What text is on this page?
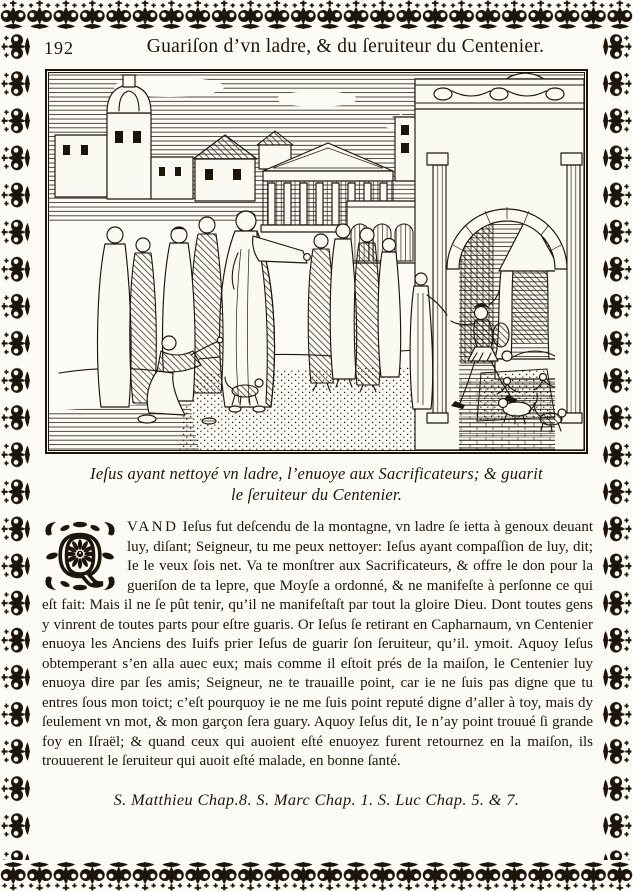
192	Guariſon d’vn ladre, & du ſeruiteur du Centenier.
Ieſus ayant nettoyé vn ladre, l’enuoye aux Sacrificateurs; & guarit
le ſeruiteur du Centenier.
Q VAND Ieſus fut deſcendu de la montagne, vn ladre ſe ietta à genoux deuant luy, diſant; Seigneur, tu me peux nettoyer: Ieſus ayant compaſſion de luy, dit; Ie le veux ſois net. Va te monſtrer aux Sacrificateurs, & offre le don pour la gueriſon de ta lepre, que Moyſe a ordonné, & ne manifeſte à perſonne ce qui eſt fait: Mais il ne ſe pût tenir, qu’il ne manifeſtaſt par tout la gloire Dieu. Dont toutes gens y vinrent de toutes parts pour eſtre guaris. Or Ieſus ſe retirant en Capharnaum, vn Centenier enuoya les Anciens des Iuifs prier Ieſus de guarir ſon ſeruiteur, qu’il. ymoit. Aquoy Ieſus obtemperant s’en alla auec eux; mais comme il eſtoit prés de la maiſon, le Centenier luy enuoya dire par ſes amis; Seigneur, ne te trauaille point, car ie ne ſuis pas digne que tu entres ſous mon toict; c’eſt pourquoy ie ne me ſuis point reputé digne d’aller à toy, mais dy ſeulement vn mot, & mon garçon ſera guary. Aquoy Ieſus dit, Ie n’ay point trouué ſi grande foy en Iſraël; & quand ceux qui auoient eſté enuoyez furent retournez en la maiſon, ils trouuerent le ſeruiteur qui auoit eſté malade, en bonne ſanté.
S. Matthieu Chap.8. S. Marc Chap. 1. S. Luc Chap. 5. & 7.
